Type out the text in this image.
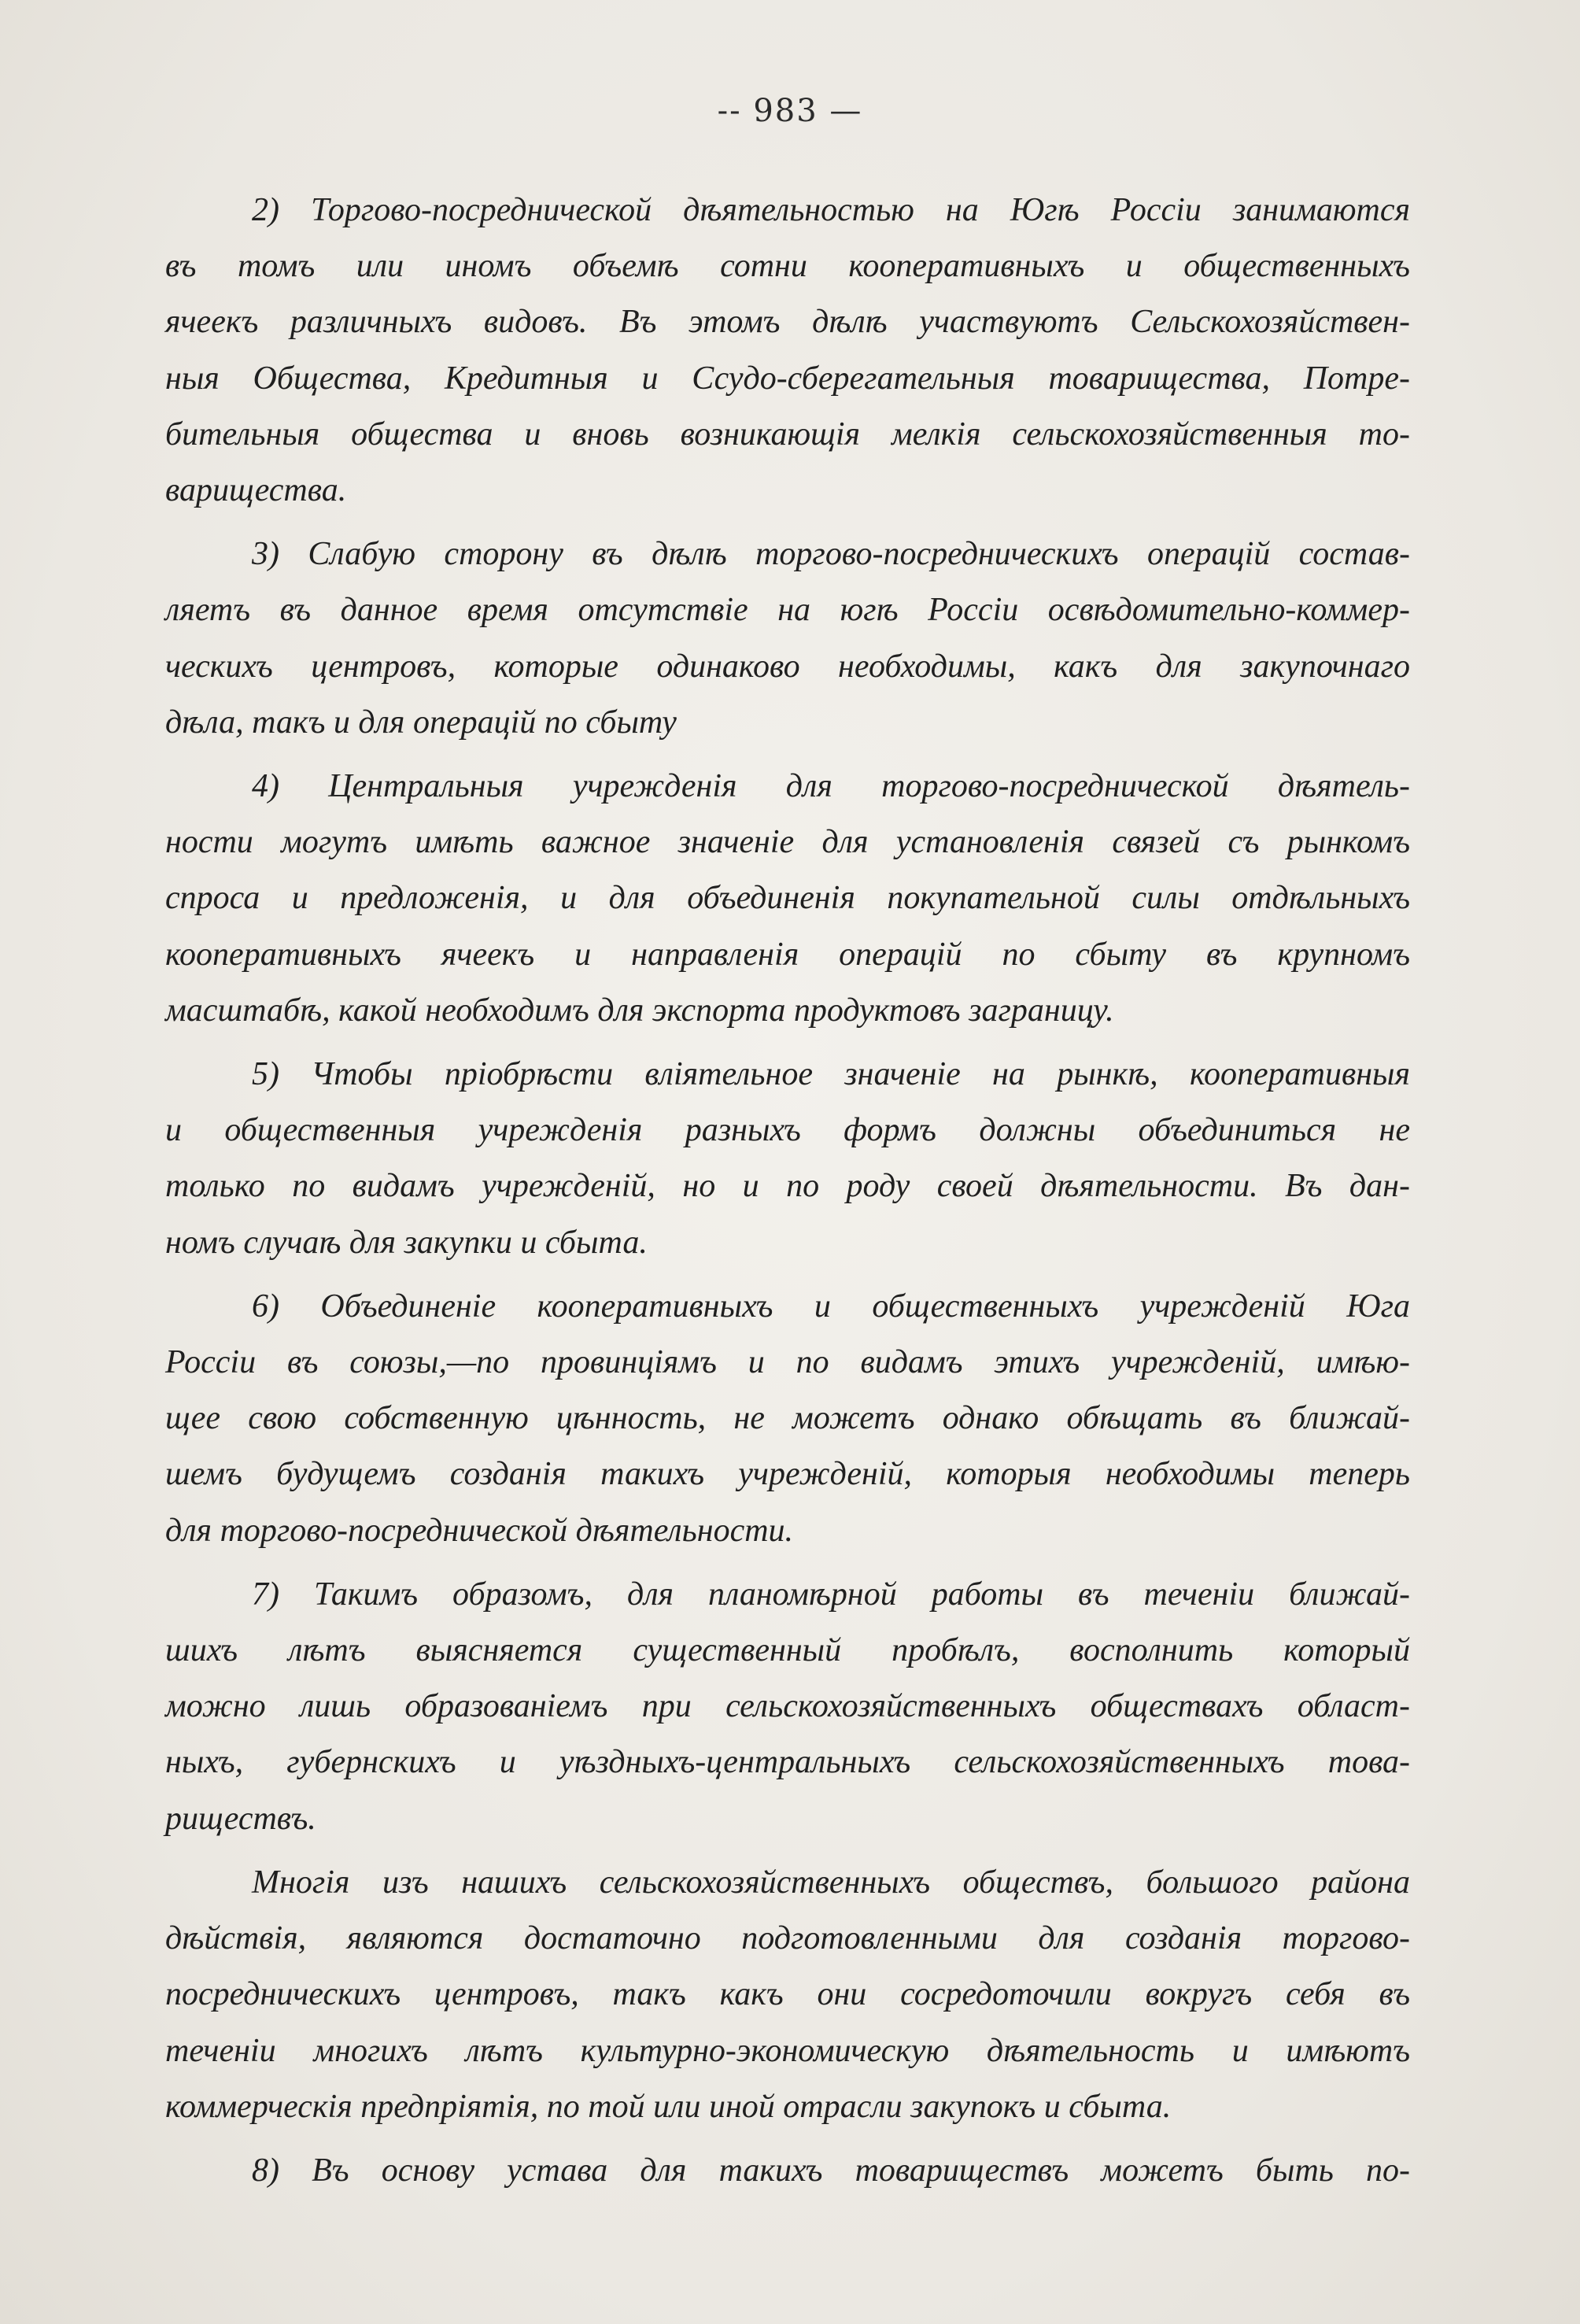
-- 983 —
2) Торгово-посреднической дѣятельностью на Югѣ Россіи занимаются
въ томъ или иномъ объемѣ сотни кооперативныхъ и общественныхъ
ячеекъ различныхъ видовъ. Въ этомъ дѣлѣ участвуютъ Сельскохозяйствен-
ныя Общества, Кредитныя и Ссудо-сберегательныя товарищества, Потре-
бительныя общества и вновь возникающія мелкія сельскохозяйственныя то-
варищества.
3) Слабую сторону въ дѣлѣ торгово-посредническихъ операцій состав-
ляетъ въ данное время отсутствіе на югѣ Россіи освѣдомительно-коммер-
ческихъ центровъ, которые одинаково необходимы, какъ для закупочнаго
дѣла, такъ и для операцій по сбыту
4) Центральныя учрежденія для торгово-посреднической дѣятель-
ности могутъ имѣть важное значеніе для установленія связей съ рынкомъ
спроса и предложенія, и для объединенія покупательной силы отдѣльныхъ
кооперативныхъ ячеекъ и направленія операцій по сбыту въ крупномъ
масштабѣ, какой необходимъ для экспорта продуктовъ заграницу.
5) Чтобы пріобрѣсти вліятельное значеніе на рынкѣ, кооперативныя
и общественныя учрежденія разныхъ формъ должны объединиться не
только по видамъ учрежденій, но и по роду своей дѣятельности. Въ дан-
номъ случаѣ для закупки и сбыта.
6) Объединеніе кооперативныхъ и общественныхъ учрежденій Юга
Россіи въ союзы,—по провинціямъ и по видамъ этихъ учрежденій, имѣю-
щее свою собственную цѣнность, не можетъ однако обѣщать въ ближай-
шемъ будущемъ созданія такихъ учрежденій, которыя необходимы теперь
для торгово-посреднической дѣятельности.
7) Такимъ образомъ, для планомѣрной работы въ теченіи ближай-
шихъ лѣтъ выясняется существенный пробѣлъ, восполнить который
можно лишь образованіемъ при сельскохозяйственныхъ обществахъ област-
ныхъ, губернскихъ и уѣздныхъ-центральныхъ сельскохозяйственныхъ това-
риществъ.
Многія изъ нашихъ сельскохозяйственныхъ обществъ, большого района
дѣйствія, являются достаточно подготовленными для созданія торгово-
посредническихъ центровъ, такъ какъ они сосредоточили вокругъ себя въ
теченіи многихъ лѣтъ культурно-экономическую дѣятельность и имѣютъ
коммерческія предпріятія, по той или иной отрасли закупокъ и сбыта.
8) Въ основу устава для такихъ товариществъ можетъ быть по-
